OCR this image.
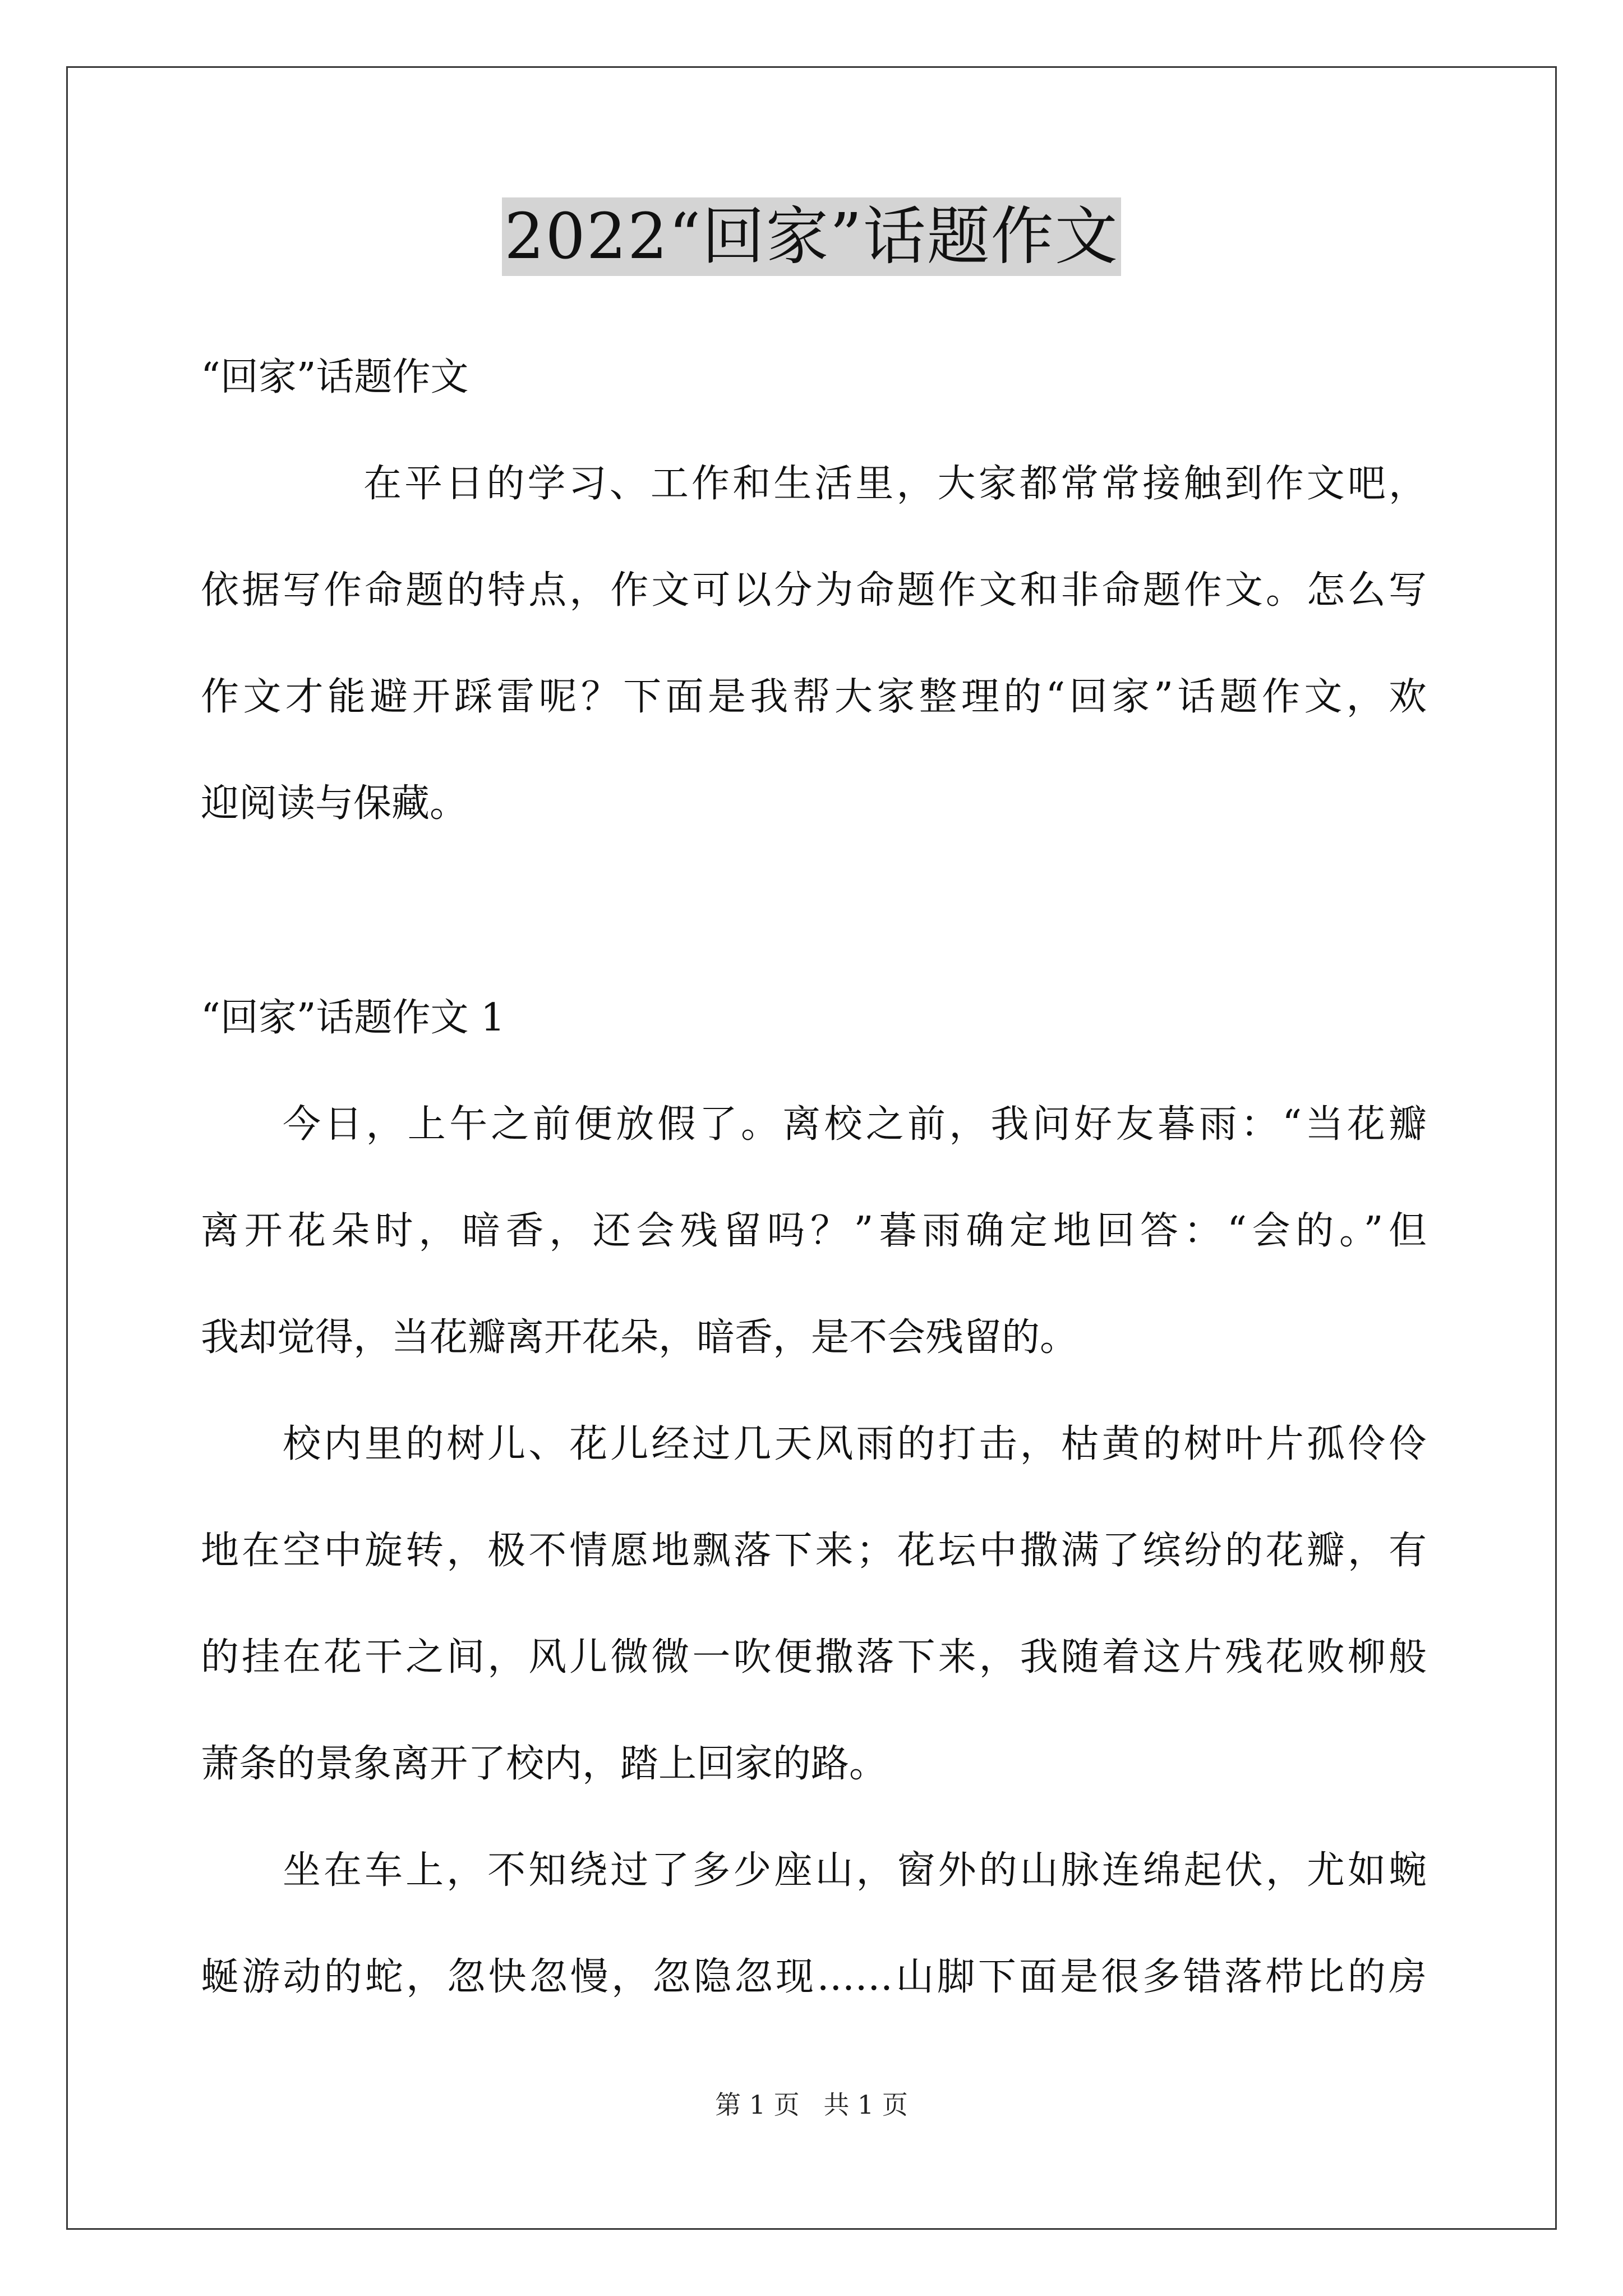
2022“回家”话题作文
“回家”话题作文
在平日的学习、工作和生活里，大家都常常接触到作文吧，
依据写作命题的特点，作文可以分为命题作文和非命题作文。怎么写
作文才能避开踩雷呢？下面是我帮大家整理的“回家”话题作文，欢
迎阅读与保藏。
“回家”话题作文 1
今日，上午之前便放假了。离校之前，我问好友暮雨：“当花瓣
离开花朵时，暗香，还会残留吗？”暮雨确定地回答：“会的。”但
我却觉得，当花瓣离开花朵，暗香，是不会残留的。
校内里的树儿、花儿经过几天风雨的打击，枯黄的树叶片孤伶伶
地在空中旋转，极不情愿地飘落下来；花坛中撒满了缤纷的花瓣，有
的挂在花干之间，风儿微微一吹便撒落下来，我随着这片残花败柳般
萧条的景象离开了校内，踏上回家的路。
坐在车上，不知绕过了多少座山，窗外的山脉连绵起伏，尤如蜿
蜒游动的蛇，忽快忽慢，忽隐忽现……山脚下面是很多错落栉比的房
第 1 页 共 1 页
